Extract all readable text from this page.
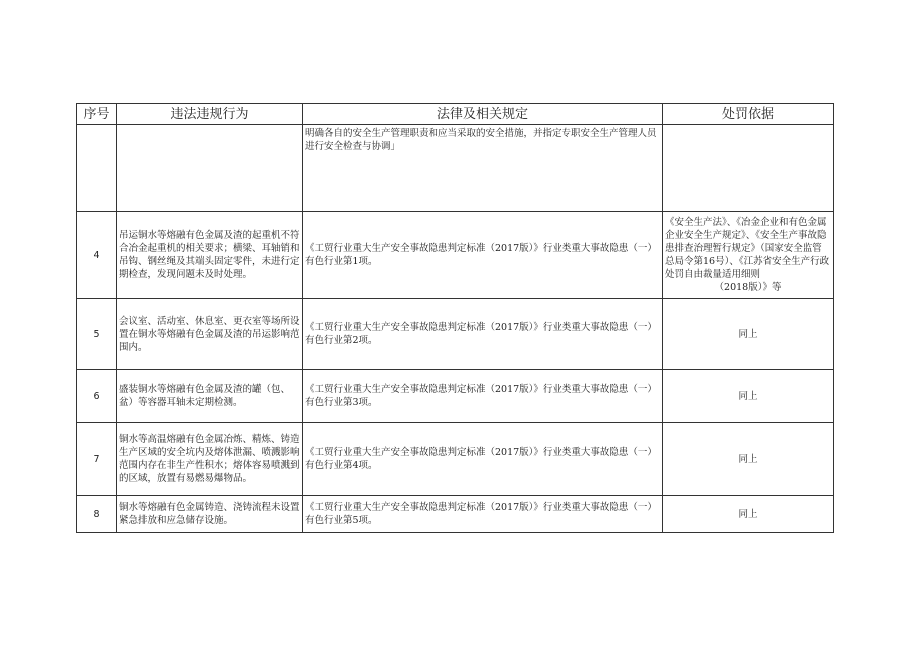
序号	违法违规行为	法律及相关规定	处罚依据
		明确各自的安全生产管理职责和应当采取的安全措施，并指定专职安全生产管理人员进行安全检查与协调」	
4	吊运铜水等熔融有色金属及渣的起重机不符合冶金起重机的相关要求；横梁、耳轴销和吊钩、钢丝绳及其端头固定零件，未进行定期检查，发现问题未及时处理。	《工贸行业重大生产安全事故隐患判定标准（2017版）》行业类重大事故隐患（一）有色行业第1项。	《安全生产法》、《冶金企业和有色金属企业安全生产规定》、《安全生产事故隐患排查治理暂行规定》（国家安全监管总局令第16号）、《江苏省安全生产行政处罚自由裁量适用细则
（2018版）》等

5	会议室、活动室、休息室、更衣室等场所设置在铜水等熔融有色金属及渣的吊运影响范围内。	《工贸行业重大生产安全事故隐患判定标准（2017版）》行业类重大事故隐患（一）有色行业第2项。	同上
6	盛装铜水等熔融有色金属及渣的罐（包、盆）等容器耳轴未定期检测。	《工贸行业重大生产安全事故隐患判定标准（2017版）》行业类重大事故隐患（一）有色行业第3项。	同上
7	铜水等高温熔融有色金属冶炼、精炼、铸造生产区域的安全坑内及熔体泄漏、喷溅影响范围内存在非生产性积水；熔体容易喷溅到的区域，放置有易燃易爆物品。	《工贸行业重大生产安全事故隐患判定标准（2017版）》行业类重大事故隐患（一）有色行业第4项。	同上
8	铜水等熔融有色金属铸造、浇铸流程未设置紧急排放和应急储存设施。	《工贸行业重大生产安全事故隐患判定标准（2017版）》行业类重大事故隐患（一）有色行业第5项。	同上
